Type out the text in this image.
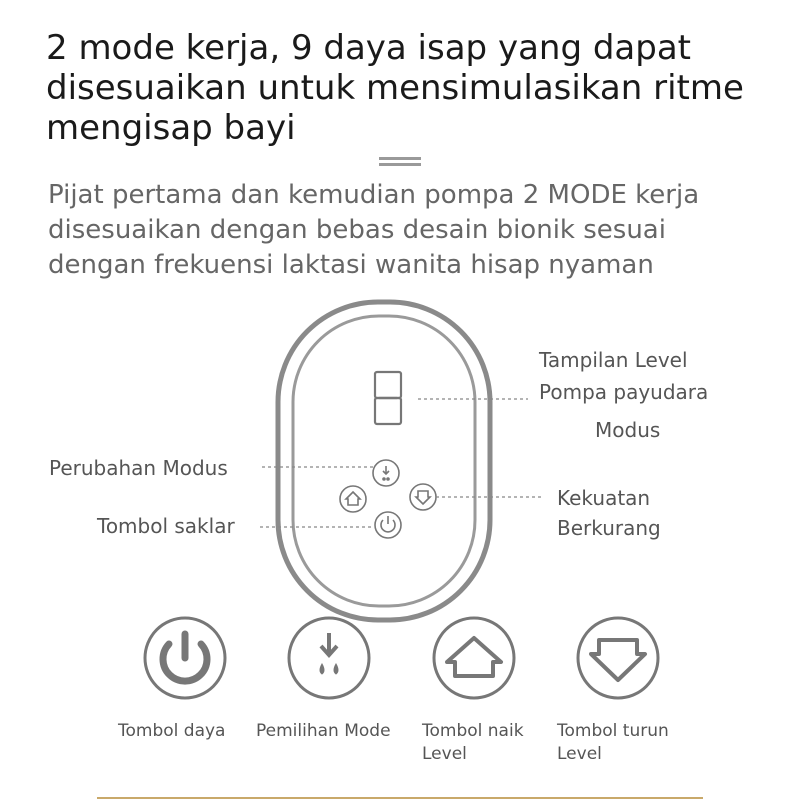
2 mode kerja, 9 daya isap yang dapat
disesuaikan untuk mensimulasikan ritme
mengisap bayi
Pijat pertama dan kemudian pompa 2 MODE kerja
disesuaikan dengan bebas desain bionik sesuai
dengan frekuensi laktasi wanita hisap nyaman
Tampilan Level
Pompa payudara
Modus
Perubahan Modus
Tombol saklar
Kekuatan
Berkurang
Tombol daya Pemilihan Mode Tombol naik
Level
Tombol turun
Level
